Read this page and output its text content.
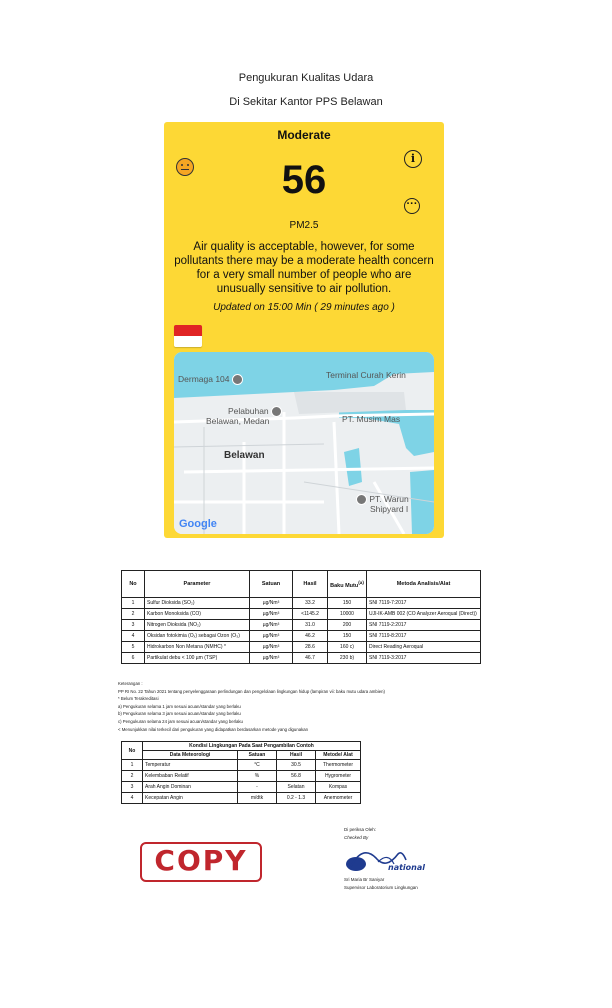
Pengukuran Kualitas Udara
Di Sekitar Kantor PPS Belawan
Moderate
i
56
···
PM2.5
Air quality is acceptable, however, for some pollutants there may be a moderate health concern for a very small number of people who are unusually sensitive to air pollution.
Updated on 15:00 Min ( 29 minutes ago )
Dermaga 104	Terminal Curah Kerin
Pelabuhan
Belawan, Medan	PT. Musim Mas
Belawan
PT. Warun
Shipyard I
Google
No	Parameter	Satuan	Hasil	Baku Mutu$^{(a)}$	Metoda Analisis/Alat
1	Sulfur Dioksida (SO₂)	µg/Nm³	33.2	150	SNI 7119-7:2017
2	Karbon Monoksida (CO)	µg/Nm³	<1145.2	10000	UJI-IK-AMB 002 (CO Analyzer Aeroqual (Direct))
3	Nitrogen Dioksida (NO₂)	µg/Nm³	31.0	200	SNI 7119-2:2017
4	Oksidan fotokimia (Oₓ) sebagai Ozon (O₃)	µg/Nm³	46.2	150	SNI 7119-8:2017
5	Hidrokarbon Non Metana (NMHC) *	µg/Nm³	28.6	160 c)	Direct Reading Aeroqual
6	Partikulat debu < 100 µm (TSP)	µg/Nm³	46.7	230 b)	SNI 7119-3:2017
Keterangan :
PP RI No. 22 Tahun 2021 tentang penyelenggaraan perlindungan dan pengelolaan lingkungan hidup (lampiran vii: baku mutu udara ambien)
* Belum Terakreditasi
a) Pengukuran selama 1 jam sesuai acuan/standar yang berlaku
b) Pengukuran selama 3 jam sesuai acuan/standar yang berlaku
c) Pengukuran selama 24 jam sesuai acuan/standar yang berlaku
< Menunjukkan nilai terkecil dari pengukuran yang didapatkan berdasarkan metode yang digunakan
No	Kondisi Lingkungan Pada Saat Pengambilan Contoh			
	Data Meteorologi	Satuan	Hasil	Metode/ Alat
1	Temperatur	°C	30.5	Thermometer
2	Kelembaban Relatif	%	56.8	Hygrometer
3	Arah Angin Dominan	-	Selatan	Kompas
4	Kecepatan Angin	m/dtk	0.2 - 1.3	Anemometer
Di periksa Oleh:
Checked By
national
Sri Maria Br Saniyar
Supervisor Laboratorium Lingkungan
COPY
